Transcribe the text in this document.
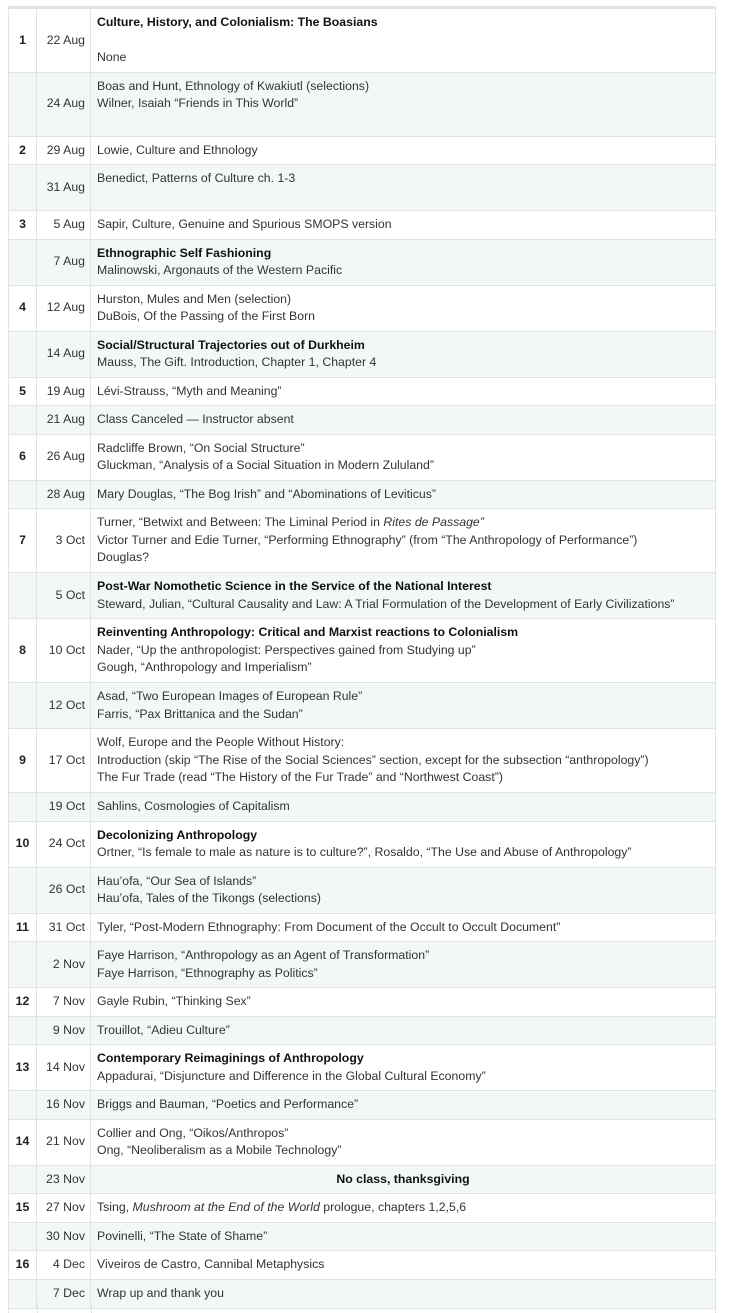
1	22 Aug	Culture, History, and Colonialism: The Boasians
None

	24 Aug	Boas and Hunt, Ethnology of Kwakiutl (selections)
Wilner, Isaiah “Friends in This World”

2	29 Aug	Lowie, Culture and Ethnology

	31 Aug	Benedict, Patterns of Culture ch. 1-3

3	5 Aug	Sapir, Culture, Genuine and Spurious SMOPS version

	7 Aug	Ethnographic Self Fashioning
Malinowski, Argonauts of the Western Pacific

4	12 Aug	Hurston, Mules and Men (selection)
DuBois, Of the Passing of the First Born

	14 Aug	Social/Structural Trajectories out of Durkheim
Mauss, The Gift. Introduction, Chapter 1, Chapter 4

5	19 Aug	Lévi-Strauss, “Myth and Meaning”

	21 Aug	Class Canceled — Instructor absent

6	26 Aug	Radcliffe Brown, “On Social Structure”
Gluckman, “Analysis of a Social Situation in Modern Zululand”

	28 Aug	Mary Douglas, “The Bog Irish” and “Abominations of Leviticus”

7	3 Oct	Turner, “Betwixt and Between: The Liminal Period in Rites de Passage”
Victor Turner and Edie Turner, “Performing Ethnography” (from “The Anthropology of Performance”)
Douglas?

	5 Oct	Post-War Nomothetic Science in the Service of the National Interest
Steward, Julian, “Cultural Causality and Law: A Trial Formulation of the Development of Early Civilizations”

8	10 Oct	Reinventing Anthropology: Critical and Marxist reactions to Colonialism
Nader, “Up the anthropologist: Perspectives gained from Studying up”
Gough, “Anthropology and Imperialism”

	12 Oct	Asad, “Two European Images of European Rule”
Farris, “Pax Brittanica and the Sudan”

9	17 Oct	Wolf, Europe and the People Without History:
Introduction (skip “The Rise of the Social Sciences” section, except for the subsection “anthropology”)
The Fur Trade (read “The History of the Fur Trade” and “Northwest Coast”)

	19 Oct	Sahlins, Cosmologies of Capitalism

10	24 Oct	Decolonizing Anthropology
Ortner, “Is female to male as nature is to culture?”, Rosaldo, “The Use and Abuse of Anthropology”

	26 Oct	Hau’ofa, “Our Sea of Islands”
Hau’ofa, Tales of the Tikongs (selections)

11	31 Oct	Tyler, “Post-Modern Ethnography: From Document of the Occult to Occult Document”

	2 Nov	Faye Harrison, “Anthropology as an Agent of Transformation”
Faye Harrison, “Ethnography as Politics”

12	7 Nov	Gayle Rubin, “Thinking Sex”

	9 Nov	Trouillot, “Adieu Culture”

13	14 Nov	Contemporary Reimaginings of Anthropology
Appadurai, “Disjuncture and Difference in the Global Cultural Economy”

	16 Nov	Briggs and Bauman, “Poetics and Performance”

14	21 Nov	Collier and Ong, “Oikos/Anthropos”
Ong, “Neoliberalism as a Mobile Technology”

	23 Nov	No class, thanksgiving

15	27 Nov	Tsing, Mushroom at the End of the World prologue, chapters 1,2,5,6

	30 Nov	Povinelli, “The State of Shame”

16	4 Dec	Viveiros de Castro, Cannibal Metaphysics

	7 Dec	Wrap up and thank you
